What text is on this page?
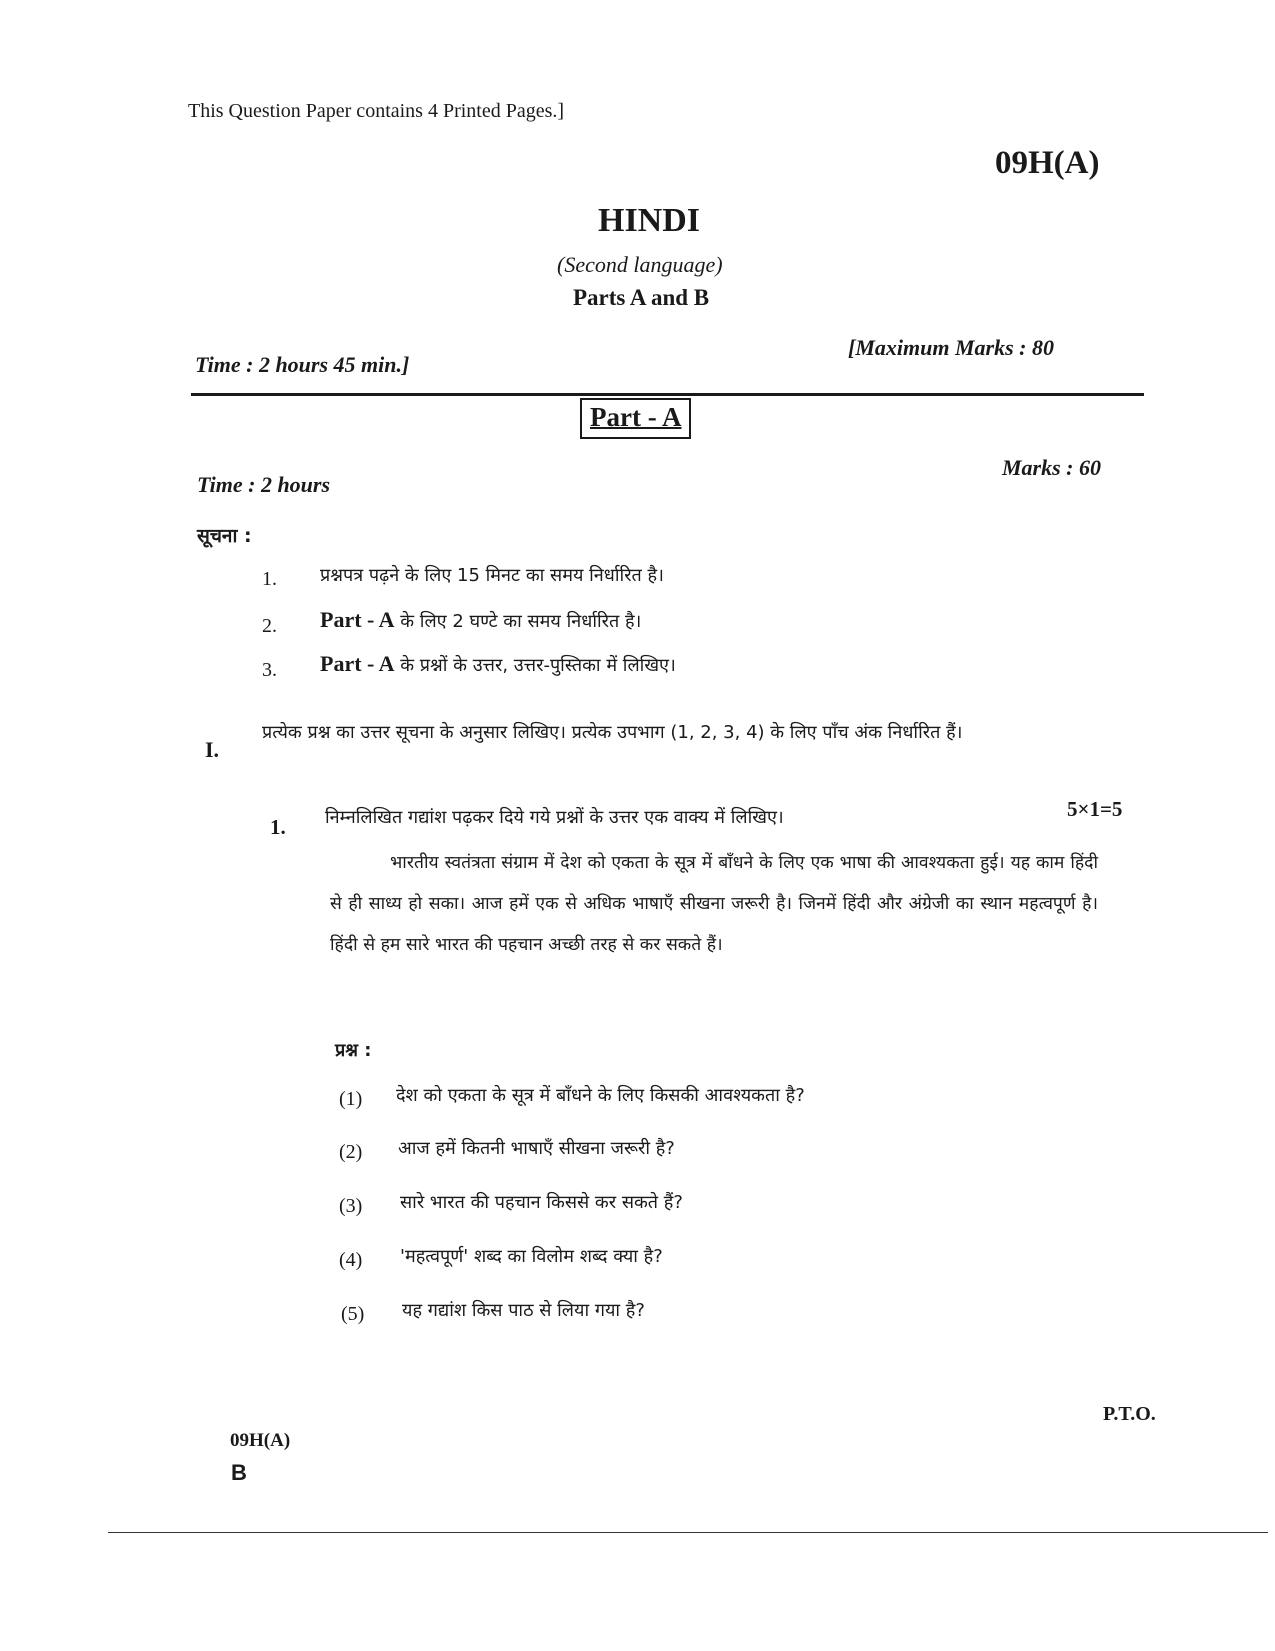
This Question Paper contains 4 Printed Pages.]
09H(A)
HINDI
(Second language)
Parts A and B
Time : 2 hours 45 min.]
[Maximum Marks : 80
Part - A
Time : 2 hours
Marks : 60
सूचना :
1. प्रश्नपत्र पढ़ने के लिए 15 मिनट का समय निर्धारित है।
2. Part - A के लिए 2 घण्टे का समय निर्धारित है।
3. Part - A के प्रश्नों के उत्तर, उत्तर-पुस्तिका में लिखिए।
I.
प्रत्येक प्रश्न का उत्तर सूचना के अनुसार लिखिए। प्रत्येक उपभाग (1, 2, 3, 4) के लिए पाँच अंक निर्धारित हैं।
1. निम्नलिखित गद्यांश पढ़कर दिये गये प्रश्नों के उत्तर एक वाक्य में लिखिए।	5×1=5
भारतीय स्वतंत्रता संग्राम में देश को एकता के सूत्र में बाँधने के लिए एक भाषा की आवश्यकता हुई। यह काम हिंदी से ही साध्य हो सका। आज हमें एक से अधिक भाषाएँ सीखना जरूरी है। जिनमें हिंदी और अंग्रेजी का स्थान महत्वपूर्ण है। हिंदी से हम सारे भारत की पहचान अच्छी तरह से कर सकते हैं।
प्रश्न :
(1) देश को एकता के सूत्र में बाँधने के लिए किसकी आवश्यकता है?
(2) आज हमें कितनी भाषाएँ सीखना जरूरी है?
(3) सारे भारत की पहचान किससे कर सकते हैं?
(4) 'महत्वपूर्ण' शब्द का विलोम शब्द क्या है?
(5) यह गद्यांश किस पाठ से लिया गया है?
P.T.O.
09H(A)
B
